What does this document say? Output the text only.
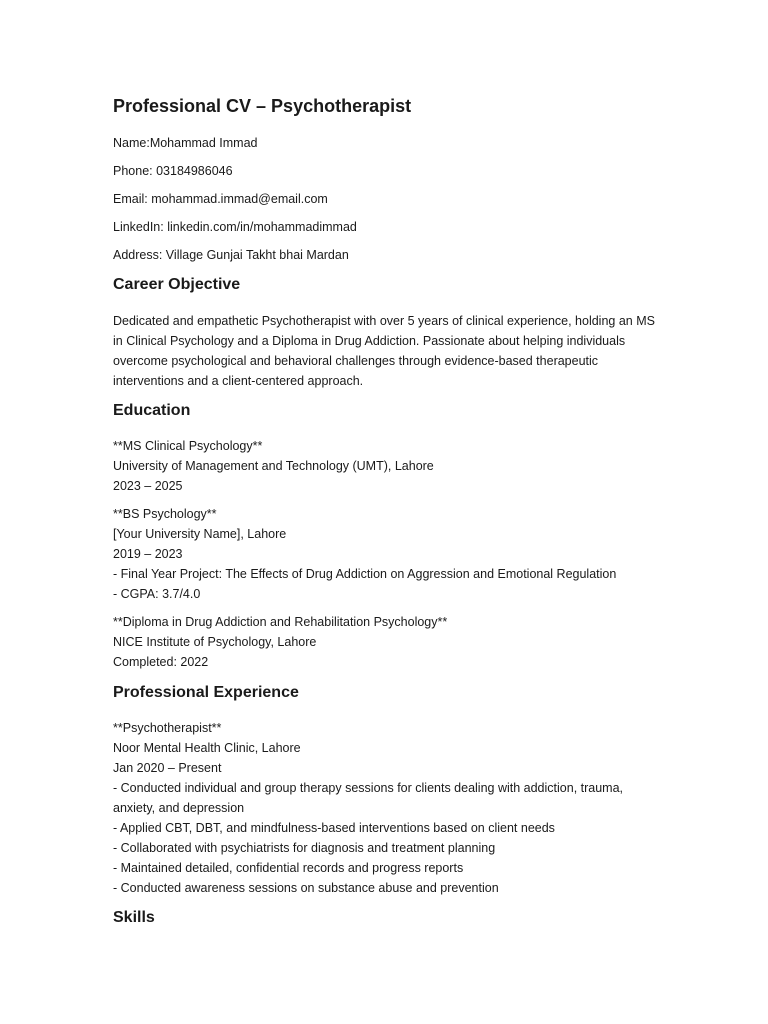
Professional CV – Psychotherapist

Name:Mohammad Immad

Phone: 03184986046

Email: mohammad.immad@email.com

LinkedIn: linkedin.com/in/mohammadimmad

Address: Village Gunjai Takht bhai Mardan

Career Objective

Dedicated and empathetic Psychotherapist with over 5 years of clinical experience, holding an MS in Clinical Psychology and a Diploma in Drug Addiction. Passionate about helping individuals overcome psychological and behavioral challenges through evidence-based therapeutic interventions and a client-centered approach.

Education

**MS Clinical Psychology**

University of Management and Technology (UMT), Lahore

2023 – 2025

**BS Psychology**

[Your University Name], Lahore

2019 – 2023

- Final Year Project: The Effects of Drug Addiction on Aggression and Emotional Regulation

- CGPA: 3.7/4.0

**Diploma in Drug Addiction and Rehabilitation Psychology**

NICE Institute of Psychology, Lahore

Completed: 2022

Professional Experience

**Psychotherapist**

Noor Mental Health Clinic, Lahore

Jan 2020 – Present

- Conducted individual and group therapy sessions for clients dealing with addiction, trauma,

anxiety, and depression

- Applied CBT, DBT, and mindfulness-based interventions based on client needs

- Collaborated with psychiatrists for diagnosis and treatment planning

- Maintained detailed, confidential records and progress reports

- Conducted awareness sessions on substance abuse and prevention

Skills
